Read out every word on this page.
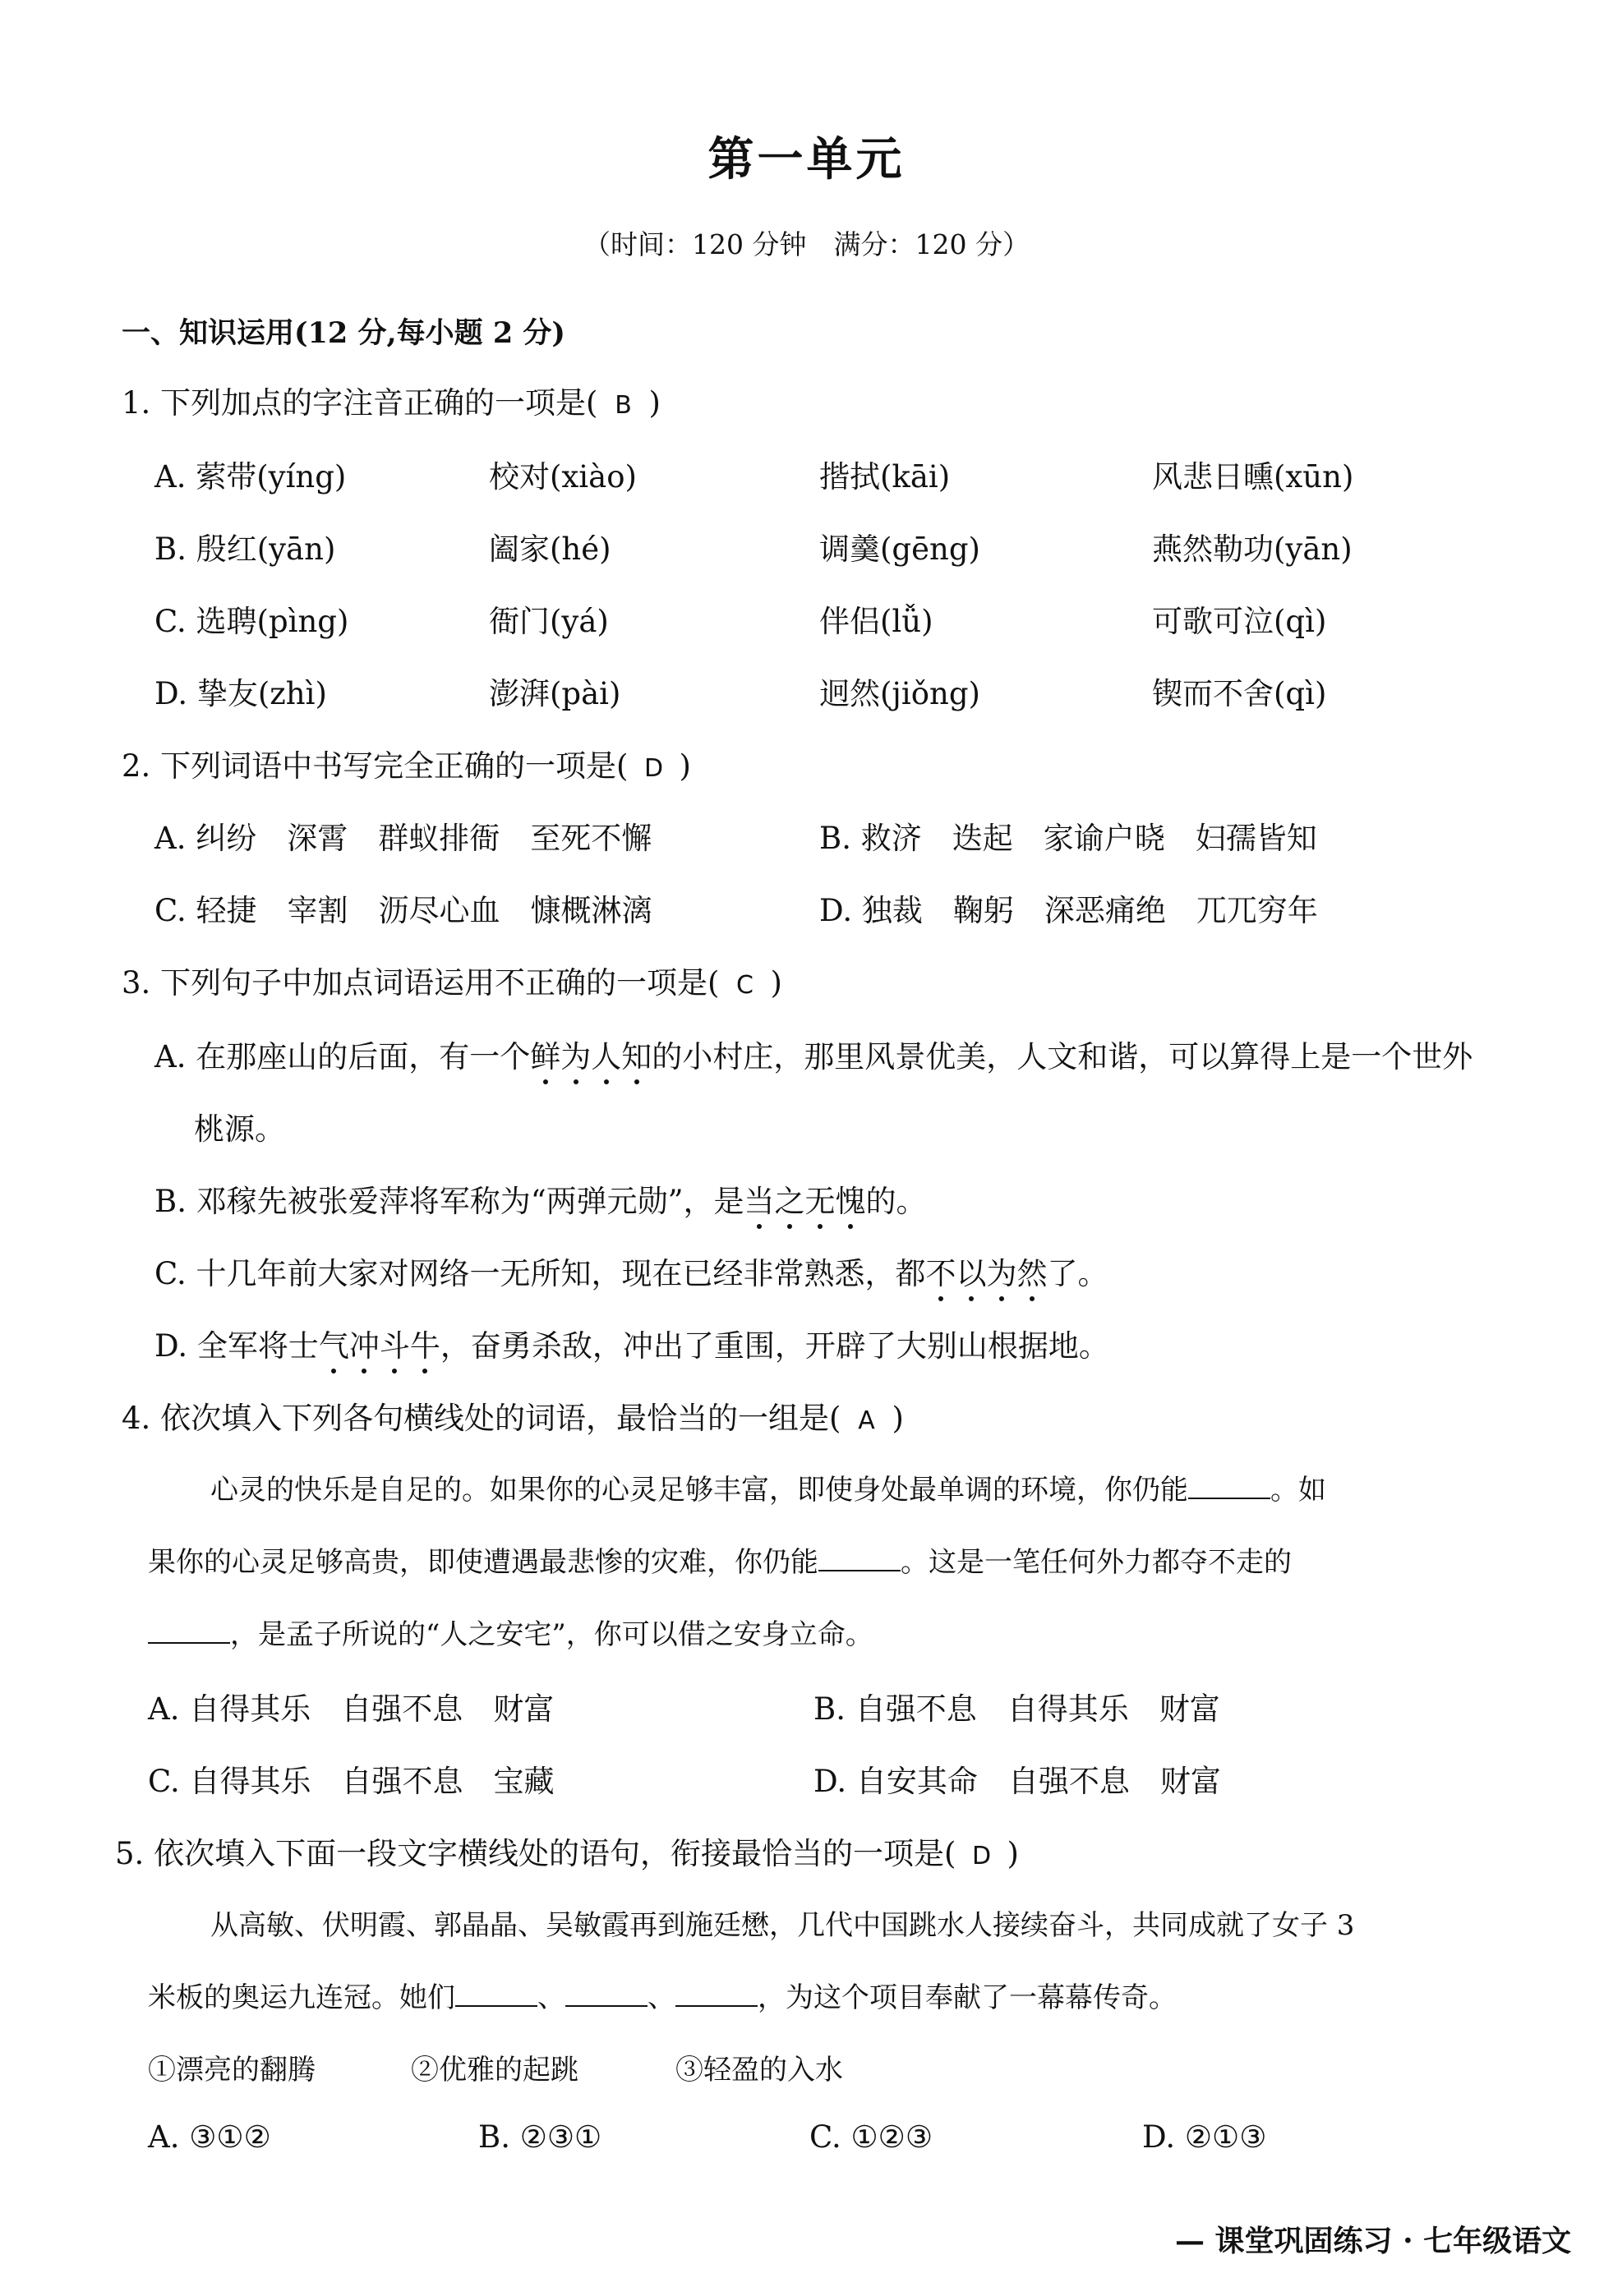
第一单元
（时间：120 分钟　满分：120 分）
一、知识运用(12 分,每小题 2 分)
1. 下列加点的字注音正确的一项是( B )
A. 萦带(yíng)	校对(xiào)	揩拭(kāi)	风悲日曛(xūn)
B. 殷红(yān)	阖家(hé)	调羹(gēng)	燕然勒功(yān)
C. 选聘(pìng)	衙门(yá)	伴侣(lǚ)	可歌可泣(qì)
D. 挚友(zhì)	澎湃(pài)	迥然(jiǒng)	锲而不舍(qì)
2. 下列词语中书写完全正确的一项是( D )
A. 纠纷　深霄　群蚁排衙　至死不懈	B. 救济　迭起　家谕户晓　妇孺皆知
C. 轻捷　宰割　沥尽心血　慷概淋漓	D. 独裁　鞠躬　深恶痛绝　兀兀穷年
3. 下列句子中加点词语运用不正确的一项是( C )
A. 在那座山的后面，有一个鲜为人知的小村庄，那里风景优美，人文和谐，可以算得上是一个世外
桃源。
B. 邓稼先被张爱萍将军称为“两弹元勋”，是当之无愧的。
C. 十几年前大家对网络一无所知，现在已经非常熟悉，都不以为然了。
D. 全军将士气冲斗牛，奋勇杀敌，冲出了重围，开辟了大别山根据地。
4. 依次填入下列各句横线处的词语，最恰当的一组是( A )
心灵的快乐是自足的。如果你的心灵足够丰富，即使身处最单调的环境，你仍能	。如
果你的心灵足够高贵，即使遭遇最悲惨的灾难，你仍能	。这是一笔任何外力都夺不走的
，是孟子所说的“人之安宅”，你可以借之安身立命。
A. 自得其乐　自强不息　财富	B. 自强不息　自得其乐　财富
C. 自得其乐　自强不息　宝藏	D. 自安其命　自强不息　财富
5. 依次填入下面一段文字横线处的语句，衔接最恰当的一项是( D )
从高敏、伏明霞、郭晶晶、吴敏霞再到施廷懋，几代中国跳水人接续奋斗，共同成就了女子 3
米板的奥运九连冠。她们	、	、	，为这个项目奉献了一幕幕传奇。
①漂亮的翻腾	②优雅的起跳	③轻盈的入水
A. ③①②	B. ②③①	C. ①②③	D. ②①③
— 课堂巩固练习 · 七年级语文
